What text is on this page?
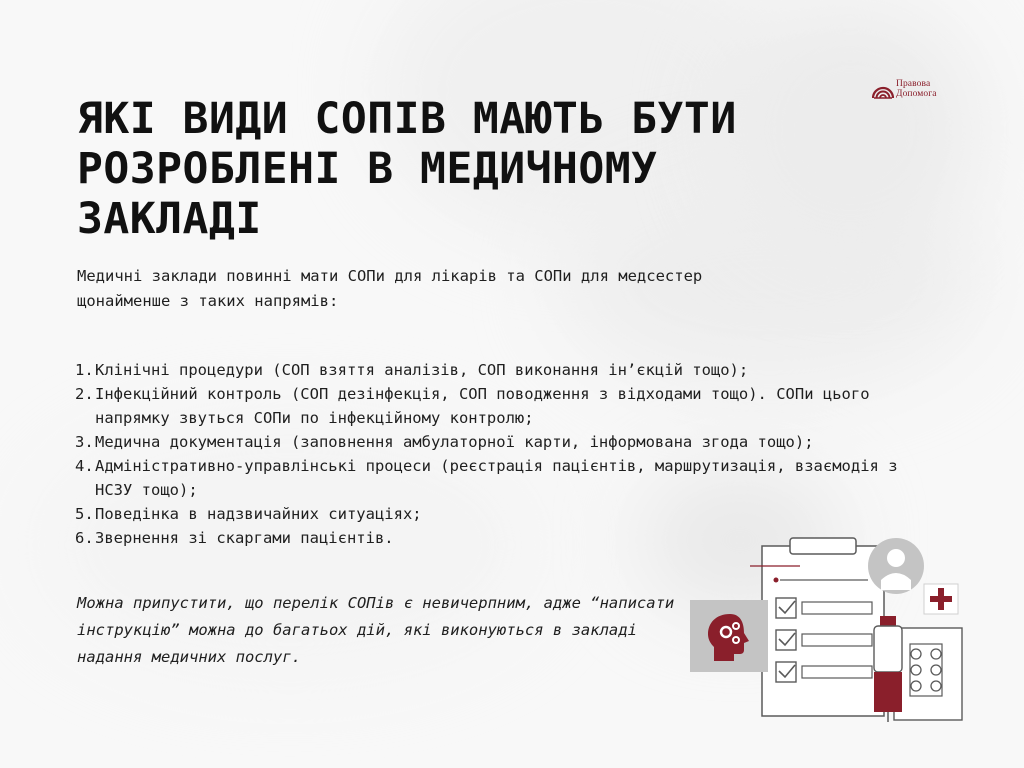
Правова
Допомога
ЯКІ ВИДИ СОПІВ МАЮТЬ БУТИ РОЗРОБЛЕНІ В МЕДИЧНОМУ ЗАКЛАДІ

Медичні заклади повинні мати СОПи для лікарів та СОПи для медсестер щонайменше з таких напрямів:

1. Клінічні процедури (СОП взяття аналізів, СОП виконання ін’єкцій тощо);
2. Інфекційний контроль (СОП дезінфекція, СОП поводження з відходами тощо). СОПи цього напрямку звуться СОПи по інфекційному контролю;
3. Медична документація (заповнення амбулаторної карти, інформована згода тощо);
4. Адміністративно-управлінські процеси (реєстрація пацієнтів, маршрутизація, взаємодія з НСЗУ тощо);
5. Поведінка в надзвичайних ситуаціях;
6. Звернення зі скаргами пацієнтів.

Можна припустити, що перелік СОПів є невичерпним, адже “написати інструкцію” можна до багатьох дій, які виконуються в закладі надання медичних послуг.
